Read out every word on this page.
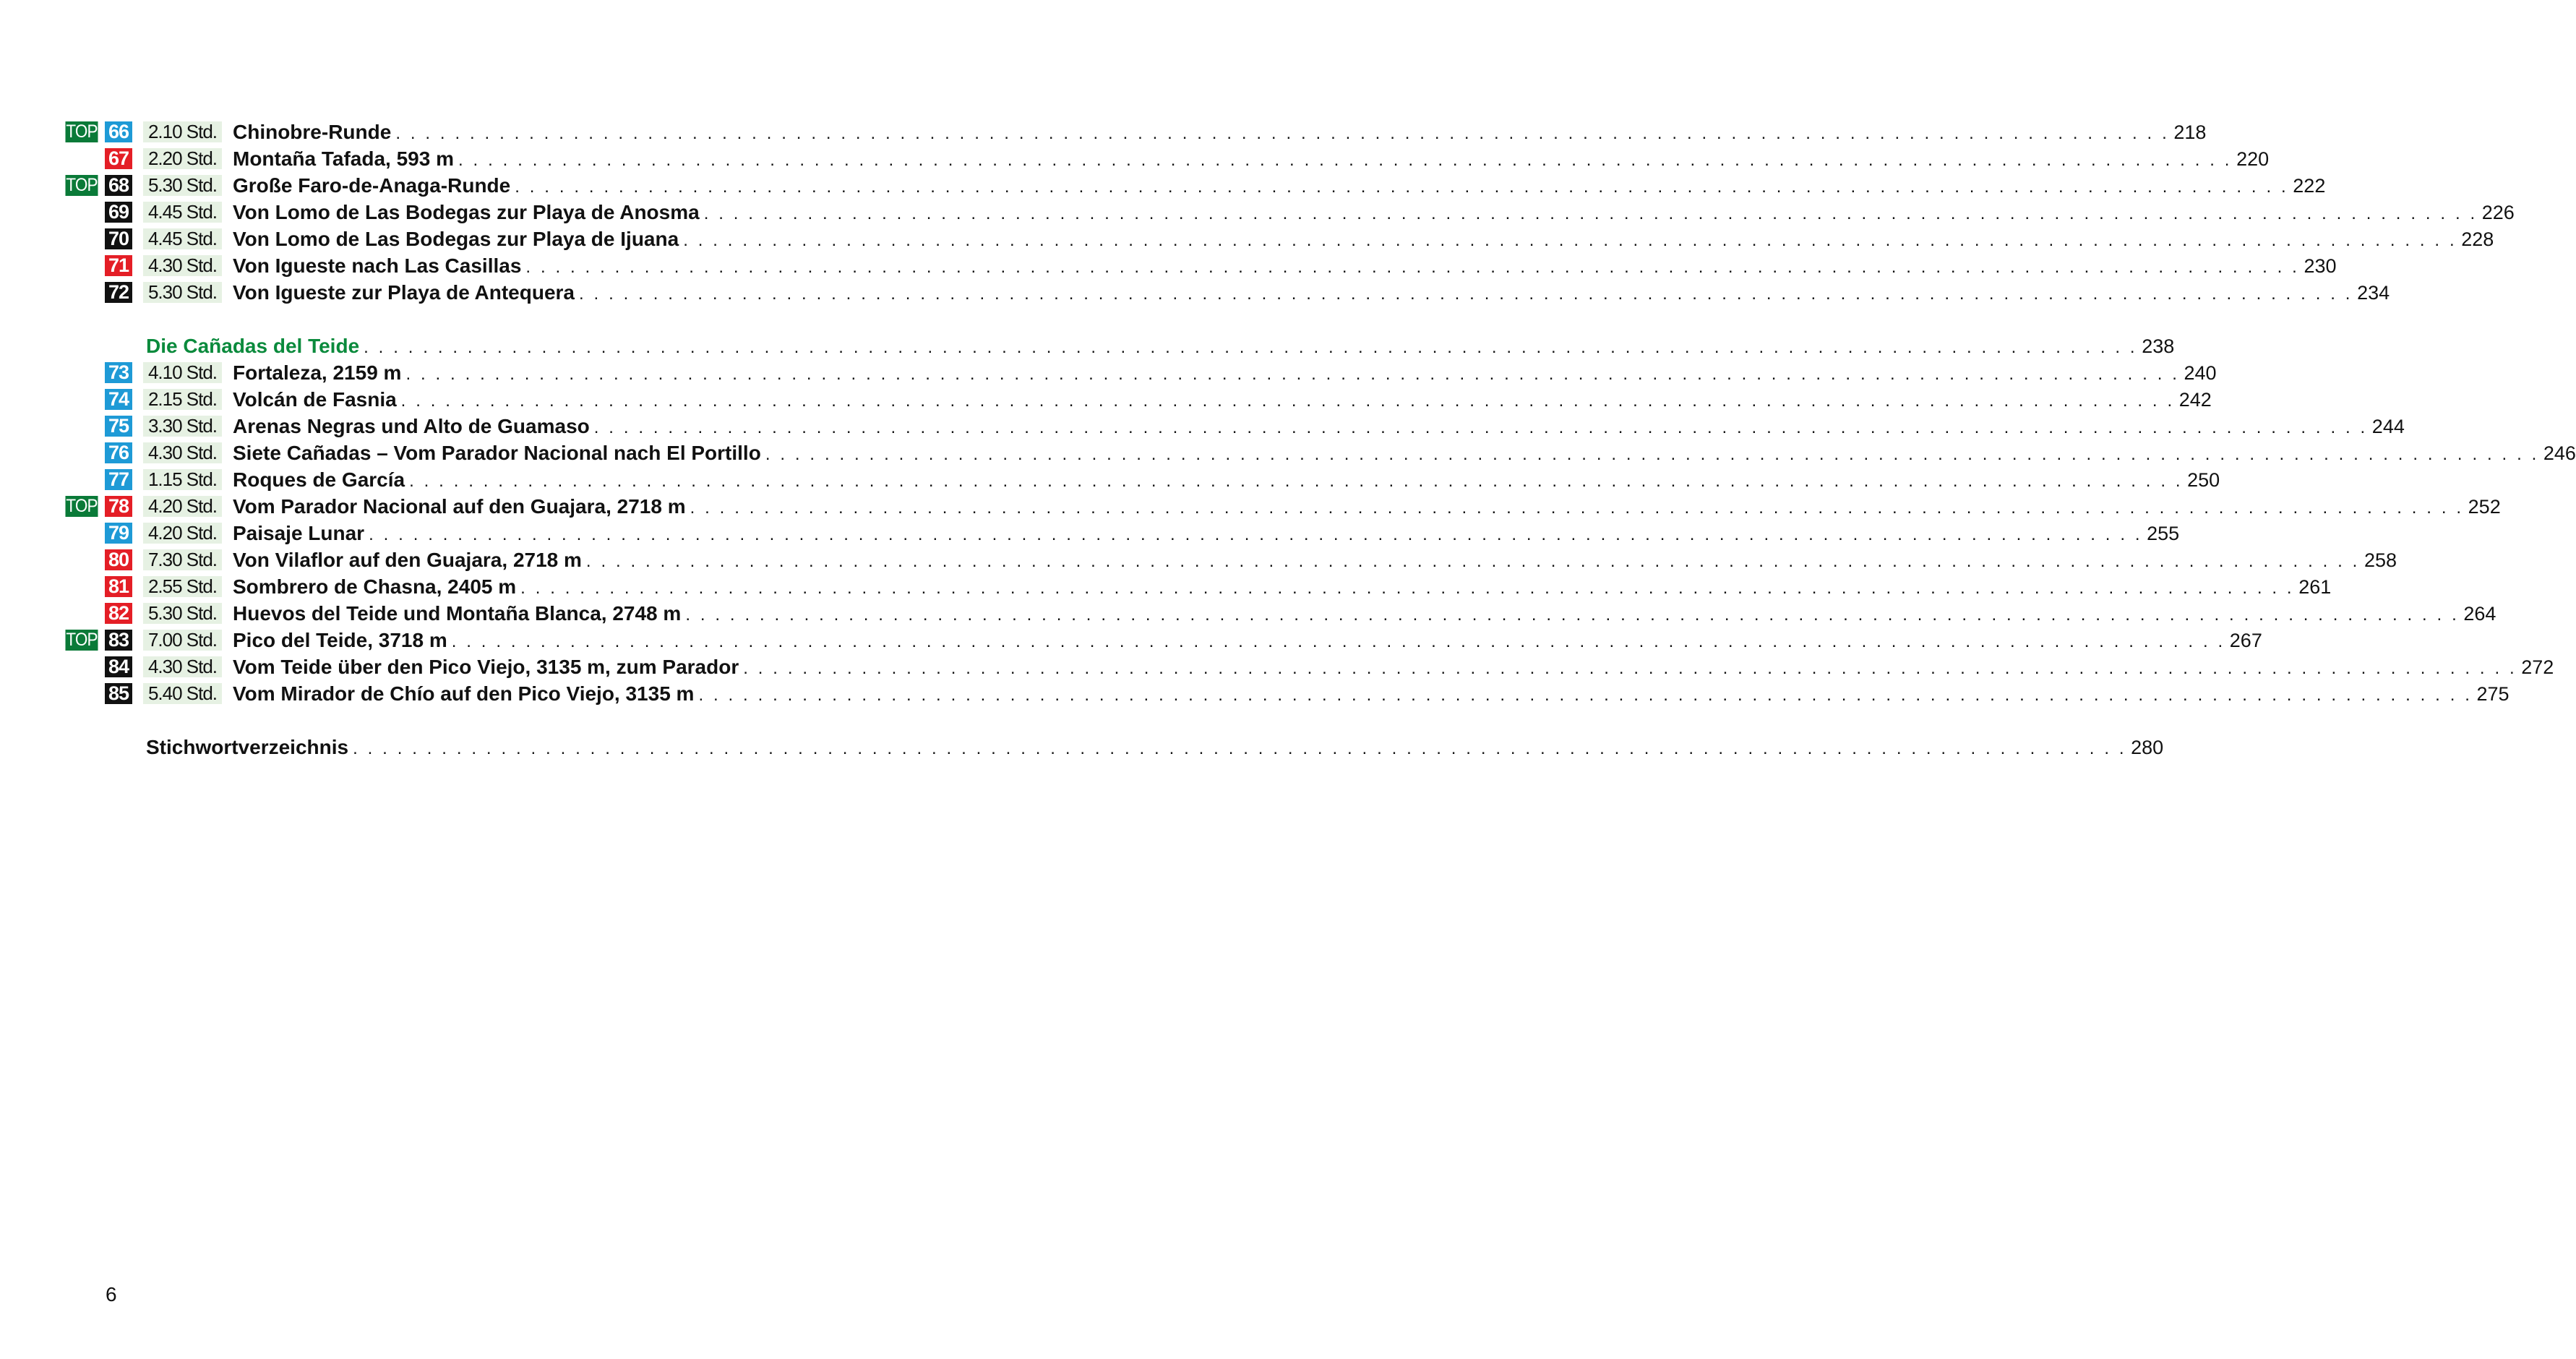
TOP 66 2.10 Std. Chinobre-Runde . . . . . . . . . . . . . . . . . . . . . . . . . . . . . . . . . . . . . . . . . . . . . . . . . . . . . . . . . . . . . . . . . . . . . . . . . . . . . . . . . . . . . . . . . . . . . . . . . . . . . . . . . . . . . . . . . . . . . . . . 218
67 2.20 Std. Montaña Tafada, 593 m . . . . . . . . . . . . . . . . . . . . . . . . . . . . . . . . . . . . . . . . . . . . . . . . . . . . . . . . . . . . . . . . . . . . . . . . . . . . . . . . . . . . . . . . . . . . . . . . . . . . . . . . . . . . . . . . . . . . . . . . 220
TOP 68 5.30 Std. Große Faro-de-Anaga-Runde . . . . . . . . . . . . . . . . . . . . . . . . . . . . . . . . . . . . . . . . . . . . . . . . . . . . . . . . . . . . . . . . . . . . . . . . . . . . . . . . . . . . . . . . . . . . . . . . . . . . . . . . . . . . . . . . . . . . . . . . 222
69 4.45 Std. Von Lomo de Las Bodegas zur Playa de Anosma . . . . . . . . . . . . . . . . . . . . . . . . . . . . . . . . . . . . . . . . . . . . . . . . . . . . . . . . . . . . . . . . . . . . . . . . . . . . . . . . . . . . . . . . . . . . . . . . . . . . . . . . . . . . . . . . . . . . . . . . 226
70 4.45 Std. Von Lomo de Las Bodegas zur Playa de Ijuana . . . . . . . . . . . . . . . . . . . . . . . . . . . . . . . . . . . . . . . . . . . . . . . . . . . . . . . . . . . . . . . . . . . . . . . . . . . . . . . . . . . . . . . . . . . . . . . . . . . . . . . . . . . . . . . . . . . . . . . . 228
71 4.30 Std. Von Igueste nach Las Casillas . . . . . . . . . . . . . . . . . . . . . . . . . . . . . . . . . . . . . . . . . . . . . . . . . . . . . . . . . . . . . . . . . . . . . . . . . . . . . . . . . . . . . . . . . . . . . . . . . . . . . . . . . . . . . . . . . . . . . . . . 230
72 5.30 Std. Von Igueste zur Playa de Antequera . . . . . . . . . . . . . . . . . . . . . . . . . . . . . . . . . . . . . . . . . . . . . . . . . . . . . . . . . . . . . . . . . . . . . . . . . . . . . . . . . . . . . . . . . . . . . . . . . . . . . . . . . . . . . . . . . . . . . . . . 234
Die Cañadas del Teide . . . . . . . . . . . . . . . . . . . . . . . . . . . . . . . . . . . . . . . . . . . . . . . . . . . . . . . . . . . . . . . . . . . . . . . . . . . . . . . . . . . . . . . . . . . . . . . . . . . . . . . . . . . . . . . . . . . . . . . . 238
73 4.10 Std. Fortaleza, 2159 m . . . . . . . . . . . . . . . . . . . . . . . . . . . . . . . . . . . . . . . . . . . . . . . . . . . . . . . . . . . . . . . . . . . . . . . . . . . . . . . . . . . . . . . . . . . . . . . . . . . . . . . . . . . . . . . . . . . . . . . . 240
74 2.15 Std. Volcán de Fasnia . . . . . . . . . . . . . . . . . . . . . . . . . . . . . . . . . . . . . . . . . . . . . . . . . . . . . . . . . . . . . . . . . . . . . . . . . . . . . . . . . . . . . . . . . . . . . . . . . . . . . . . . . . . . . . . . . . . . . . . . 242
75 3.30 Std. Arenas Negras und Alto de Guamaso . . . . . . . . . . . . . . . . . . . . . . . . . . . . . . . . . . . . . . . . . . . . . . . . . . . . . . . . . . . . . . . . . . . . . . . . . . . . . . . . . . . . . . . . . . . . . . . . . . . . . . . . . . . . . . . . . . . . . . . . 244
76 4.30 Std. Siete Cañadas – Vom Parador Nacional nach El Portillo . . . . . . . . . . . . . . . . . . . . . . . . . . . . . . . . . . . . . . . . . . . . . . . . . . . . . . . . . . . . . . . . . . . . . . . . . . . . . . . . . . . . . . . . . . . . . . . . . . . . . . . . . . . . . . . . . . . . . . . . 246
77 1.15 Std. Roques de García . . . . . . . . . . . . . . . . . . . . . . . . . . . . . . . . . . . . . . . . . . . . . . . . . . . . . . . . . . . . . . . . . . . . . . . . . . . . . . . . . . . . . . . . . . . . . . . . . . . . . . . . . . . . . . . . . . . . . . . . 250
TOP 78 4.20 Std. Vom Parador Nacional auf den Guajara, 2718 m . . . . . . . . . . . . . . . . . . . . . . . . . . . . . . . . . . . . . . . . . . . . . . . . . . . . . . . . . . . . . . . . . . . . . . . . . . . . . . . . . . . . . . . . . . . . . . . . . . . . . . . . . . . . . . . . . . . . . . . . 252
79 4.20 Std. Paisaje Lunar . . . . . . . . . . . . . . . . . . . . . . . . . . . . . . . . . . . . . . . . . . . . . . . . . . . . . . . . . . . . . . . . . . . . . . . . . . . . . . . . . . . . . . . . . . . . . . . . . . . . . . . . . . . . . . . . . . . . . . . . 255
80 7.30 Std. Von Vilaflor auf den Guajara, 2718 m . . . . . . . . . . . . . . . . . . . . . . . . . . . . . . . . . . . . . . . . . . . . . . . . . . . . . . . . . . . . . . . . . . . . . . . . . . . . . . . . . . . . . . . . . . . . . . . . . . . . . . . . . . . . . . . . . . . . . . . . 258
81 2.55 Std. Sombrero de Chasna, 2405 m . . . . . . . . . . . . . . . . . . . . . . . . . . . . . . . . . . . . . . . . . . . . . . . . . . . . . . . . . . . . . . . . . . . . . . . . . . . . . . . . . . . . . . . . . . . . . . . . . . . . . . . . . . . . . . . . . . . . . . . . 261
82 5.30 Std. Huevos del Teide und Montaña Blanca, 2748 m . . . . . . . . . . . . . . . . . . . . . . . . . . . . . . . . . . . . . . . . . . . . . . . . . . . . . . . . . . . . . . . . . . . . . . . . . . . . . . . . . . . . . . . . . . . . . . . . . . . . . . . . . . . . . . . . . . . . . . . . 264
TOP 83 7.00 Std. Pico del Teide, 3718 m . . . . . . . . . . . . . . . . . . . . . . . . . . . . . . . . . . . . . . . . . . . . . . . . . . . . . . . . . . . . . . . . . . . . . . . . . . . . . . . . . . . . . . . . . . . . . . . . . . . . . . . . . . . . . . . . . . . . . . . . 267
84 4.30 Std. Vom Teide über den Pico Viejo, 3135 m, zum Parador . . . . . . . . . . . . . . . . . . . . . . . . . . . . . . . . . . . . . . . . . . . . . . . . . . . . . . . . . . . . . . . . . . . . . . . . . . . . . . . . . . . . . . . . . . . . . . . . . . . . . . . . . . . . . . . . . . . . . . . . 272
85 5.40 Std. Vom Mirador de Chío auf den Pico Viejo, 3135 m . . . . . . . . . . . . . . . . . . . . . . . . . . . . . . . . . . . . . . . . . . . . . . . . . . . . . . . . . . . . . . . . . . . . . . . . . . . . . . . . . . . . . . . . . . . . . . . . . . . . . . . . . . . . . . . . . . . . . . . . 275
Stichwortverzeichnis . . . . . . . . . . . . . . . . . . . . . . . . . . . . . . . . . . . . . . . . . . . . . . . . . . . . . . . . . . . . . . . . . . . . . . . . . . . . . . . . . . . . . . . . . . . . . . . . . . . . . . . . . . . . . . . . . . . . . . . . 280
6
